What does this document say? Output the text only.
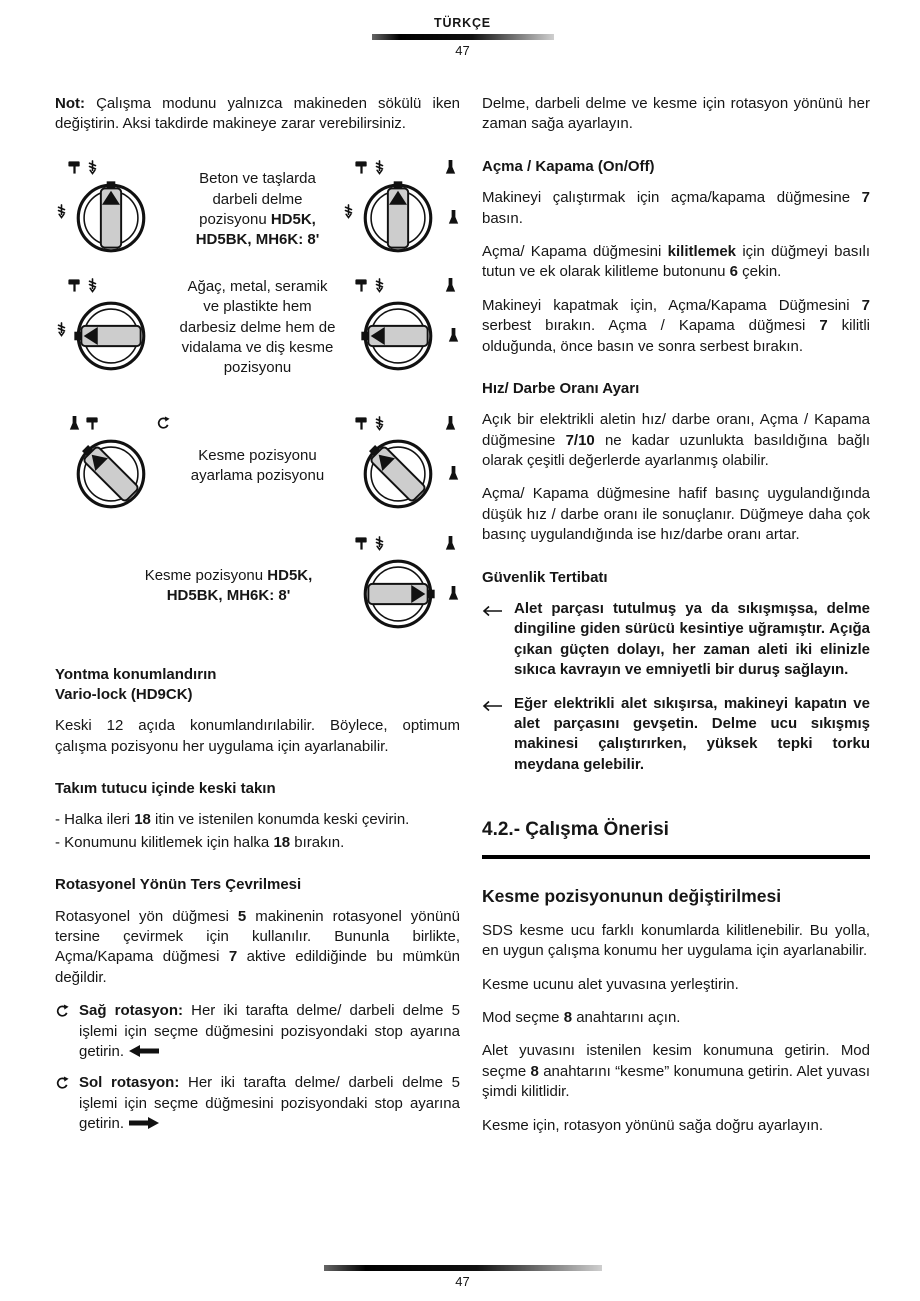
TÜRKÇE
47

Not: Çalışma modunu yalnızca makineden sökülü iken değiştirin. Aksi takdirde makineye zarar verebilirsiniz.

Beton ve taşlarda darbeli delme pozisyonu HD5K, HD5BK, MH6K: 8'
Ağaç, metal, seramik ve plastikte hem darbesiz delme hem de vidalama ve diş kesme pozisyonu
Kesme pozisyonu ayarlama pozisyonu
Kesme pozisyonu HD5K, HD5BK, MH6K: 8'
Yontma konumlandırın
Vario-lock (HD9CK)

Keski 12 açıda konumlandırılabilir. Böylece, optimum çalışma pozisyonu her uygulama için ayarlanabilir.

Takım tutucu içinde keski takın

- Halka ileri 18 itin ve istenilen konumda keski çevirin.

- Konumunu kilitlemek için halka 18 bırakın.

Rotasyonel Yönün Ters Çevrilmesi

Rotasyonel yön düğmesi 5 makinenin rotasyonel yönünü tersine çevirmek için kullanılır. Bununla birlikte, Açma/Kapama düğmesi 7 aktive edildiğinde bu mümkün değildir.

Sağ rotasyon: Her iki tarafta delme/ darbeli delme 5 işlemi için seçme düğmesini pozisyondaki stop ayarına getirin.
Sol rotasyon: Her iki tarafta delme/ darbeli delme 5 işlemi için seçme düğmesini pozisyondaki stop ayarına getirin.

Delme, darbeli delme ve kesme için rotasyon yönünü her zaman sağa ayarlayın.

Açma / Kapama (On/Off)

Makineyi çalıştırmak için açma/kapama düğmesine 7 basın.

Açma/ Kapama düğmesini kilitlemek için düğmeyi basılı tutun ve ek olarak kilitleme butonunu 6 çekin.

Makineyi kapatmak için, Açma/Kapama Düğmesini 7 serbest bırakın. Açma / Kapama düğmesi 7 kilitli olduğunda, önce basın ve sonra serbest bırakın.

Hız/ Darbe Oranı Ayarı

Açık bir elektrikli aletin hız/ darbe oranı, Açma / Kapama düğmesine 7/10 ne kadar uzunlukta basıldığına bağlı olarak çeşitli değerlerde ayarlanmış olabilir.

Açma/ Kapama düğmesine hafif basınç uygulandığında düşük hız / darbe oranı ile sonuçlanır. Düğmeye daha çok basınç uygulandığında ise hız/darbe oranı artar.

Güvenlik Tertibatı
Alet parçası tutulmuş ya da sıkışmışsa, delme dingiline giden sürücü kesintiye uğramıştır. Açığa çıkan güçten dolayı, her zaman aleti iki elinizle sıkıca kavrayın ve emniyetli bir duruş sağlayın.
Eğer elektrikli alet sıkışırsa, makineyi kapatın ve alet parçasını gevşetin. Delme ucu sıkışmış makinesi çalıştırırken, yüksek tepki torku meydana gelebilir.
4.2.- Çalışma Önerisi
Kesme pozisyonunun değiştirilmesi

SDS kesme ucu farklı konumlarda kilitlenebilir. Bu yolla, en uygun çalışma konumu her uygulama için ayarlanabilir.

Kesme ucunu alet yuvasına yerleştirin.

Mod seçme 8 anahtarını açın.

Alet yuvasını istenilen kesim konumuna getirin. Mod seçme 8 anahtarını “kesme” konumuna getirin. Alet yuvası şimdi kilitlidir.

Kesme için, rotasyon yönünü sağa doğru ayarlayın.

47
